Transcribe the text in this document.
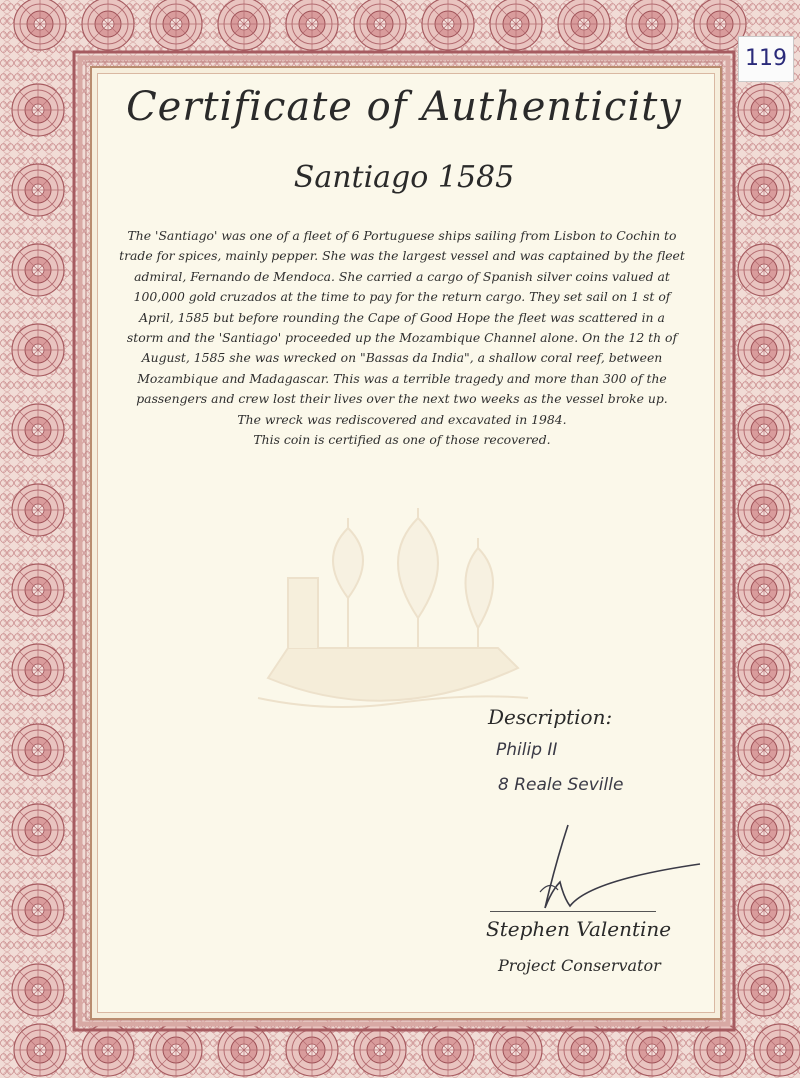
Certificate of Authenticity
Santiago 1585

The 'Santiago' was one of a fleet of 6 Portuguese ships sailing from Lisbon to Cochin to
trade for spices, mainly pepper. She was the largest vessel and was captained by the fleet
admiral, Fernando de Mendoca. She carried a cargo of Spanish silver coins valued at
100,000 gold cruzados at the time to pay for the return cargo. They set sail on 1 st of
April, 1585 but before rounding the Cape of Good Hope the fleet was scattered in a
storm and the 'Santiago' proceeded up the Mozambique Channel alone. On the 12 th of
August, 1585 she was wrecked on "Bassas da India", a shallow coral reef, between
Mozambique and Madagascar. This was a terrible tragedy and more than 300 of the
passengers and crew lost their lives over the next two weeks as the vessel broke up.
The wreck was rediscovered and excavated in 1984.
This coin is certified as one of those recovered.

Description:
Philip II
8 Reale Seville
Stephen Valentine
Project Conservator
119
